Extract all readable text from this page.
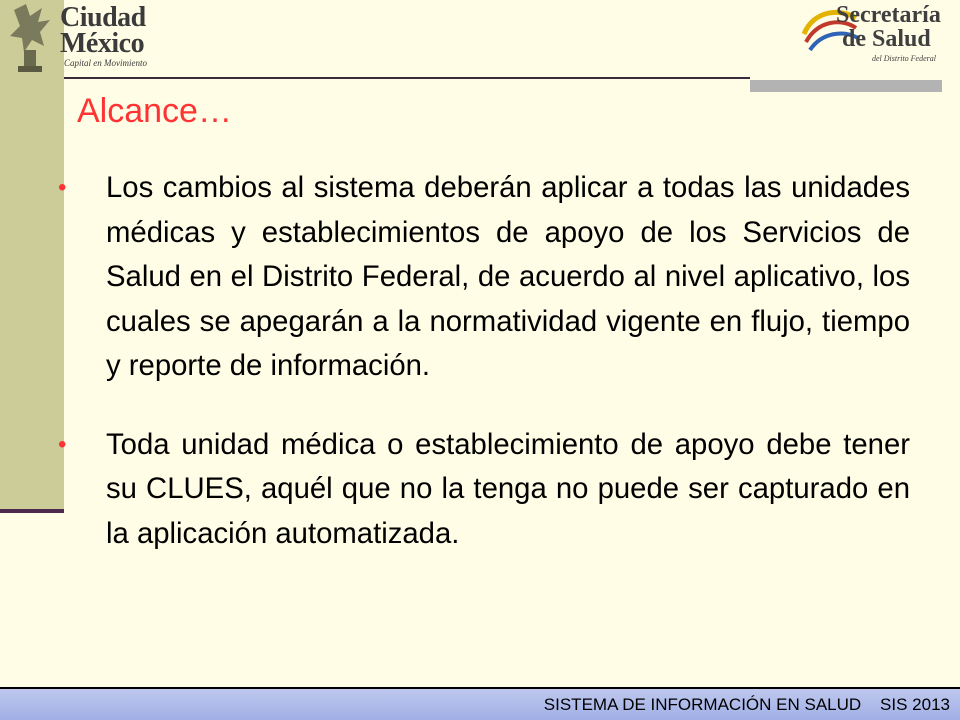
Ciudad
México
Capital en Movimiento
Secretaría
de Salud
del Distrito Federal
Alcance…
•	Los cambios al sistema deberán aplicar a todas las unidades médicas y establecimientos de apoyo de los Servicios de Salud en el Distrito Federal, de acuerdo al nivel aplicativo, los cuales se apegarán a la normatividad vigente en flujo, tiempo y reporte de información.
•	Toda unidad médica o establecimiento de apoyo debe tener su CLUES, aquél que no la tenga no puede ser capturado en la aplicación automatizada.
SISTEMA DE INFORMACIÓN EN SALUD    SIS 2013
